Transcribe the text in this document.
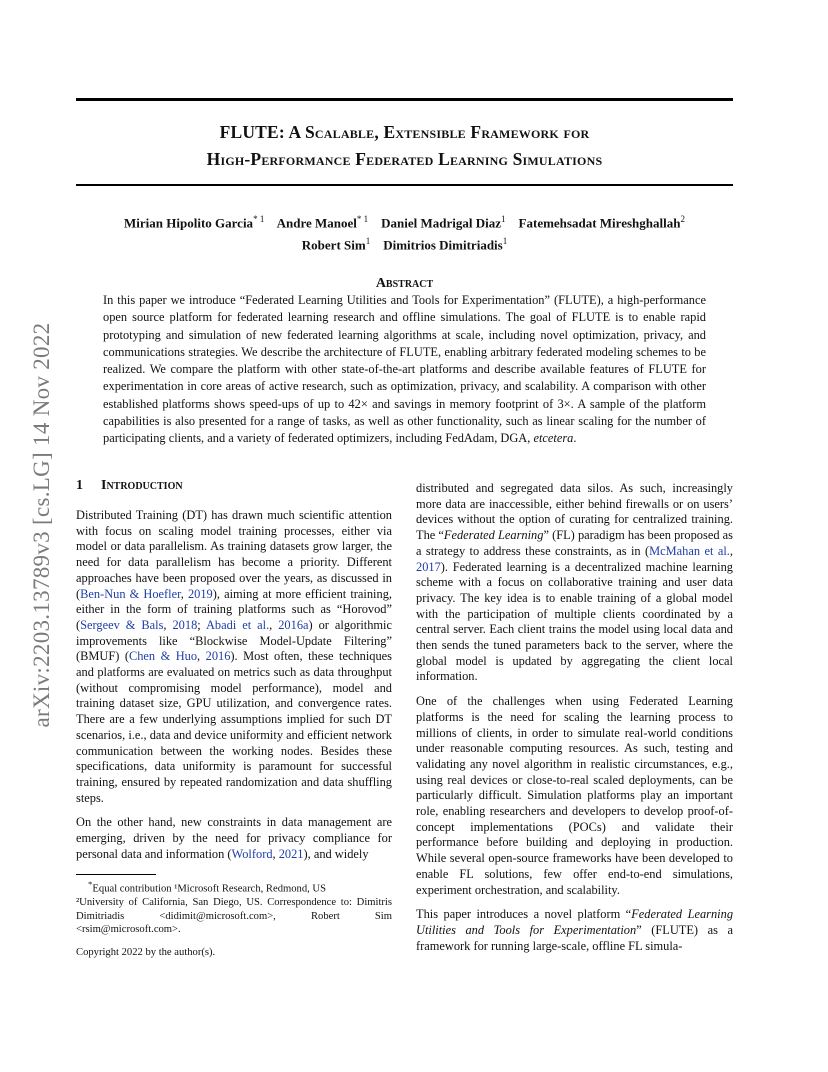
arXiv:2203.13789v3 [cs.LG] 14 Nov 2022
FLUTE: A Scalable, Extensible Framework for
High-Performance Federated Learning Simulations
Mirian Hipolito Garcia$^{* 1}$ Andre Manoel$^{* 1}$ Daniel Madrigal Diaz$^1$ Fatemehsadat Mireshghallah$^2$
Robert Sim$^1$ Dimitrios Dimitriadis$^1$
Abstract
In this paper we introduce “Federated Learning Utilities and Tools for Experimentation” (FLUTE), a high-performance open source platform for federated learning research and offline simulations. The goal of FLUTE is to enable rapid prototyping and simulation of new federated learning algorithms at scale, including novel optimization, privacy, and communications strategies. We describe the architecture of FLUTE, enabling arbitrary federated modeling schemes to be realized. We compare the platform with other state-of-the-art platforms and describe available features of FLUTE for experimentation in core areas of active research, such as optimization, privacy, and scalability. A comparison with other established platforms shows speed-ups of up to 42× and savings in memory footprint of 3×. A sample of the platform capabilities is also presented for a range of tasks, as well as other functionality, such as linear scaling for the number of participating clients, and a variety of federated optimizers, including FedAdam, DGA, etcetera.
1 Introduction

Distributed Training (DT) has drawn much scientific attention with focus on scaling model training processes, either via model or data parallelism. As training datasets grow larger, the need for data parallelism has become a priority. Different approaches have been proposed over the years, as discussed in (Ben-Nun & Hoefler, 2019), aiming at more efficient training, either in the form of training platforms such as “Horovod” (Sergeev & Bals, 2018; Abadi et al., 2016a) or algorithmic improvements like “Blockwise Model-Update Filtering” (BMUF) (Chen & Huo, 2016). Most often, these techniques and platforms are evaluated on metrics such as data throughput (without compromising model performance), model and training dataset size, GPU utilization, and convergence rates. There are a few underlying assumptions implied for such DT scenarios, i.e., data and device uniformity and efficient network communication between the working nodes. Besides these specifications, data uniformity is paramount for successful training, ensured by repeated randomization and data shuffling steps.

On the other hand, new constraints in data management are emerging, driven by the need for privacy compliance for personal data and information (Wolford, 2021), and widely

*Equal contribution ¹Microsoft Research, Redmond, US
²University of California, San Diego, US. Correspondence to: Dimitris Dimitriadis <didimit@microsoft.com>, Robert Sim <rsim@microsoft.com>.
Copyright 2022 by the author(s).

distributed and segregated data silos. As such, increasingly more data are inaccessible, either behind firewalls or on users’ devices without the option of curating for centralized training. The “Federated Learning” (FL) paradigm has been proposed as a strategy to address these constraints, as in (McMahan et al., 2017). Federated learning is a decentralized machine learning scheme with a focus on collaborative training and user data privacy. The key idea is to enable training of a global model with the participation of multiple clients coordinated by a central server. Each client trains the model using local data and then sends the tuned parameters back to the server, where the global model is updated by aggregating the client local information.

One of the challenges when using Federated Learning platforms is the need for scaling the learning process to millions of clients, in order to simulate real-world conditions under reasonable computing resources. As such, testing and validating any novel algorithm in realistic circumstances, e.g., using real devices or close-to-real scaled deployments, can be particularly difficult. Simulation platforms play an important role, enabling researchers and developers to develop proof-of-concept implementations (POCs) and validate their performance before building and deploying in production. While several open-source frameworks have been developed to enable FL solutions, few offer end-to-end simulations, experiment orchestration, and scalability.

This paper introduces a novel platform “Federated Learning Utilities and Tools for Experimentation” (FLUTE) as a framework for running large-scale, offline FL simula-
